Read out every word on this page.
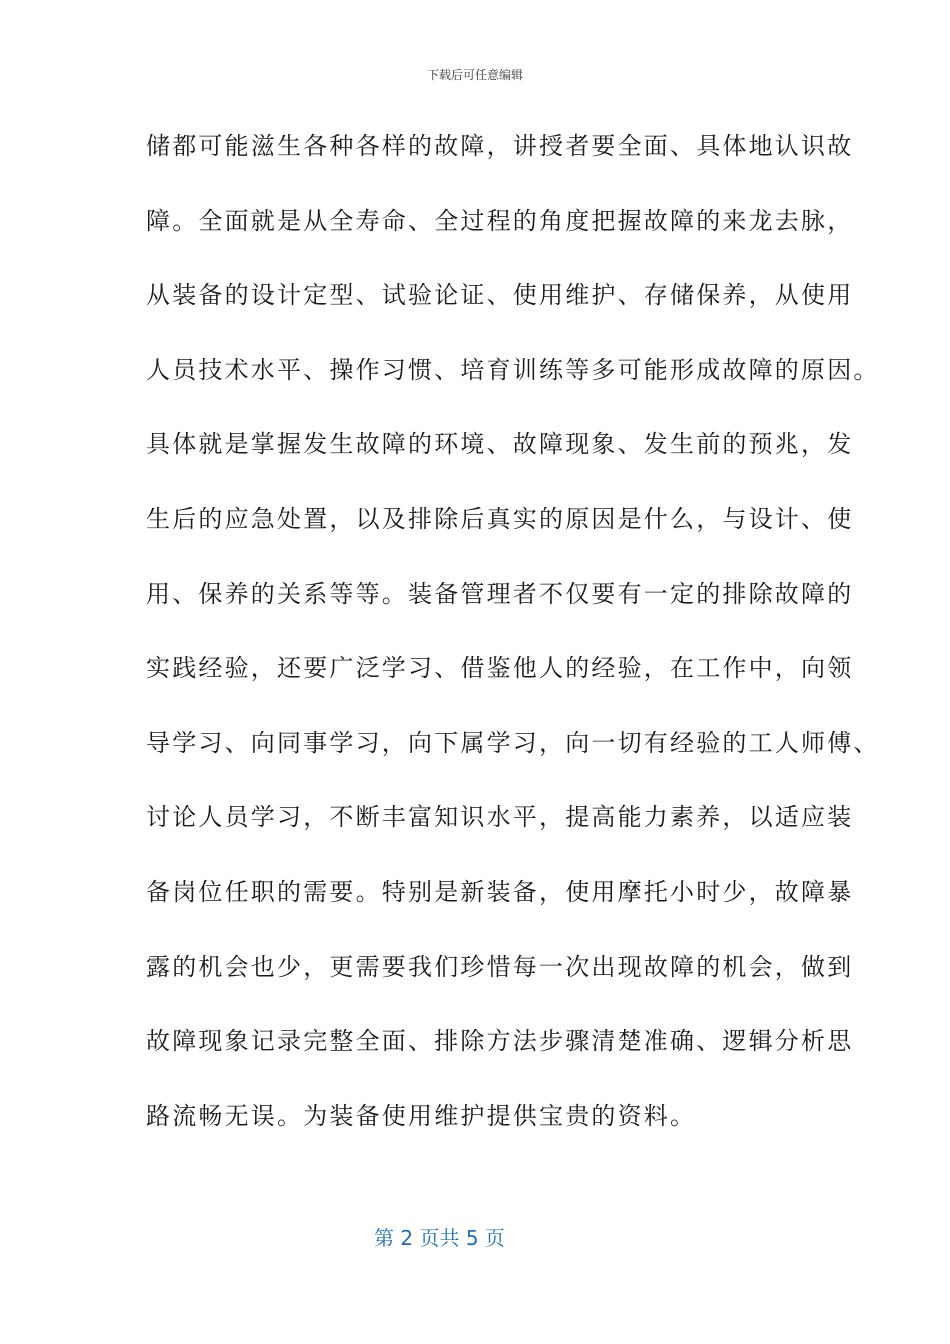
下载后可任意编辑
储都可能滋生各种各样的故障，讲授者要全面、具体地认识故
障。全面就是从全寿命、全过程的角度把握故障的来龙去脉，
从装备的设计定型、试验论证、使用维护、存储保养，从使用
人员技术水平、操作习惯、培育训练等多可能形成故障的原因。
具体就是掌握发生故障的环境、故障现象、发生前的预兆，发
生后的应急处置，以及排除后真实的原因是什么，与设计、使
用、保养的关系等等。装备管理者不仅要有一定的排除故障的
实践经验，还要广泛学习、借鉴他人的经验，在工作中，向领
导学习、向同事学习，向下属学习，向一切有经验的工人师傅、
讨论人员学习，不断丰富知识水平，提高能力素养，以适应装
备岗位任职的需要。特别是新装备，使用摩托小时少，故障暴
露的机会也少，更需要我们珍惜每一次出现故障的机会，做到
故障现象记录完整全面、排除方法步骤清楚准确、逻辑分析思
路流畅无误。为装备使用维护提供宝贵的资料。
第 2 页共 5 页
